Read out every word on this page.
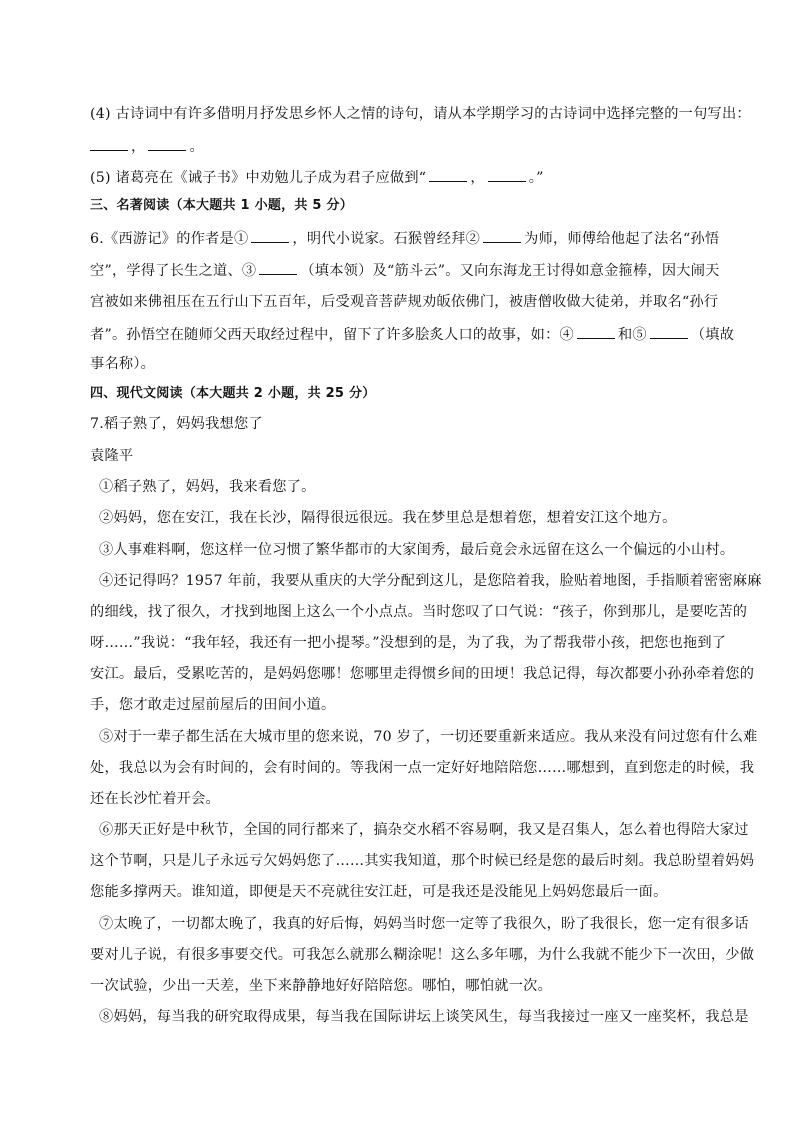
(4) 古诗词中有许多借明月抒发思乡怀人之情的诗句，请从本学期学习的古诗词中选择完整的一句写出：
，	。
(5) 诸葛亮在《诫子书》中劝勉儿子成为君子应做到“	，	。”
三、名著阅读（本大题共 1 小题，共 5 分）
6.《西游记》的作者是①	，明代小说家。石猴曾经拜②	为师，师傅给他起了法名“孙悟
空”，学得了长生之道、③	（填本领）及“筋斗云”。又向东海龙王讨得如意金箍棒，因大闹天
宫被如来佛祖压在五行山下五百年，后受观音菩萨规劝皈依佛门，被唐僧收做大徒弟，并取名“孙行
者”。孙悟空在随师父西天取经过程中，留下了许多脍炙人口的故事，如：④	和⑤	（填故
事名称）。
四、现代文阅读（本大题共 2 小题，共 25 分）
7.稻子熟了，妈妈我想您了
袁隆平
①稻子熟了，妈妈，我来看您了。
②妈妈，您在安江，我在长沙，隔得很远很远。我在梦里总是想着您，想着安江这个地方。
③人事难料啊，您这样一位习惯了繁华都市的大家闺秀，最后竟会永远留在这么一个偏远的小山村。
④还记得吗？1957 年前，我要从重庆的大学分配到这儿，是您陪着我，脸贴着地图，手指顺着密密麻麻
的细线，找了很久，才找到地图上这么一个小点点。当时您叹了口气说：“孩子，你到那儿，是要吃苦的
呀……”我说：“我年轻，我还有一把小提琴。”没想到的是，为了我，为了帮我带小孩，把您也拖到了
安江。最后，受累吃苦的，是妈妈您哪！您哪里走得惯乡间的田埂！我总记得，每次都要小孙孙牵着您的
手，您才敢走过屋前屋后的田间小道。
⑤对于一辈子都生活在大城市里的您来说，70 岁了，一切还要重新来适应。我从来没有问过您有什么难
处，我总以为会有时间的，会有时间的。等我闲一点一定好好地陪陪您……哪想到，直到您走的时候，我
还在长沙忙着开会。
⑥那天正好是中秋节，全国的同行都来了，搞杂交水稻不容易啊，我又是召集人，怎么着也得陪大家过
这个节啊，只是儿子永远亏欠妈妈您了……其实我知道，那个时候已经是您的最后时刻。我总盼望着妈妈
您能多撑两天。谁知道，即便是天不亮就往安江赶，可是我还是没能见上妈妈您最后一面。
⑦太晚了，一切都太晚了，我真的好后悔，妈妈当时您一定等了我很久，盼了我很长，您一定有很多话
要对儿子说，有很多事要交代。可我怎么就那么糊涂呢！这么多年哪，为什么我就不能少下一次田，少做
一次试验，少出一天差，坐下来静静地好好陪陪您。哪怕，哪怕就一次。
⑧妈妈，每当我的研究取得成果，每当我在国际讲坛上谈笑风生，每当我接过一座又一座奖杯，我总是
